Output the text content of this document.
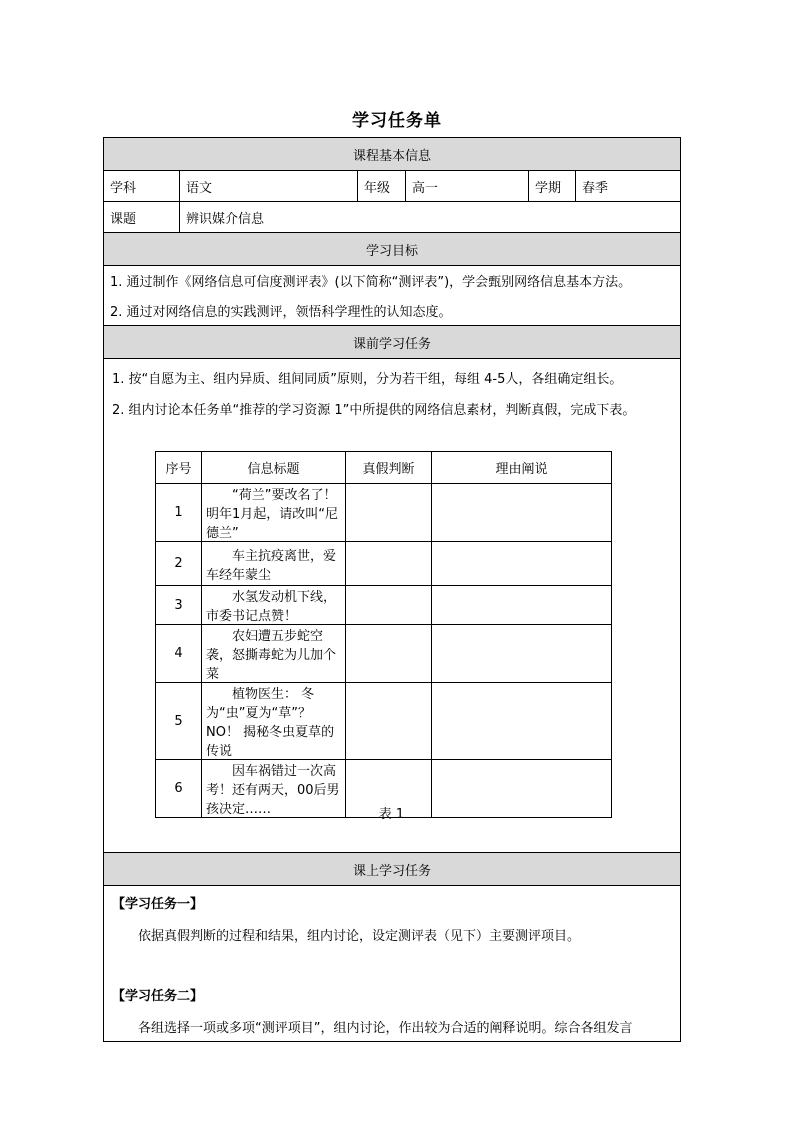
学习任务单
课程基本信息
学科	语文	年级	高一	学期	春季
课题	辨识媒介信息
学习目标
1. 通过制作《网络信息可信度测评表》(以下简称“测评表”)，学会甄别网络信息基本方法。
2. 通过对网络信息的实践测评，领悟科学理性的认知态度。
课前学习任务

1. 按“自愿为主、组内异质、组间同质”原则，分为若干组，每组 4-5人，各组确定组长。
2. 组内讨论本任务单“推荐的学习资源 1”中所提供的网络信息素材，判断真假，完成下表。
序号	信息标题	真假判断	理由阐说
1	　　“荷兰”要改名了！明年1月起，请改叫“尼德兰”		
2	　　车主抗疫离世，爱车经年蒙尘		
3	　　水氢发动机下线，市委书记点赞！		
4	　　农妇遭五步蛇空袭，怒撕毒蛇为儿加个菜		
5	　　植物医生： 冬为“虫”夏为“草”？NO！ 揭秘冬虫夏草的传说		
6	　　因车祸错过一次高考！还有两天，00后男孩决定……			表 1

课上学习任务

【学习任务一】
依据真假判断的过程和结果，组内讨论，设定测评表（见下）主要测评项目。
【学习任务二】
各组选择一项或多项“测评项目”，组内讨论，作出较为合适的阐释说明。综合各组发言
